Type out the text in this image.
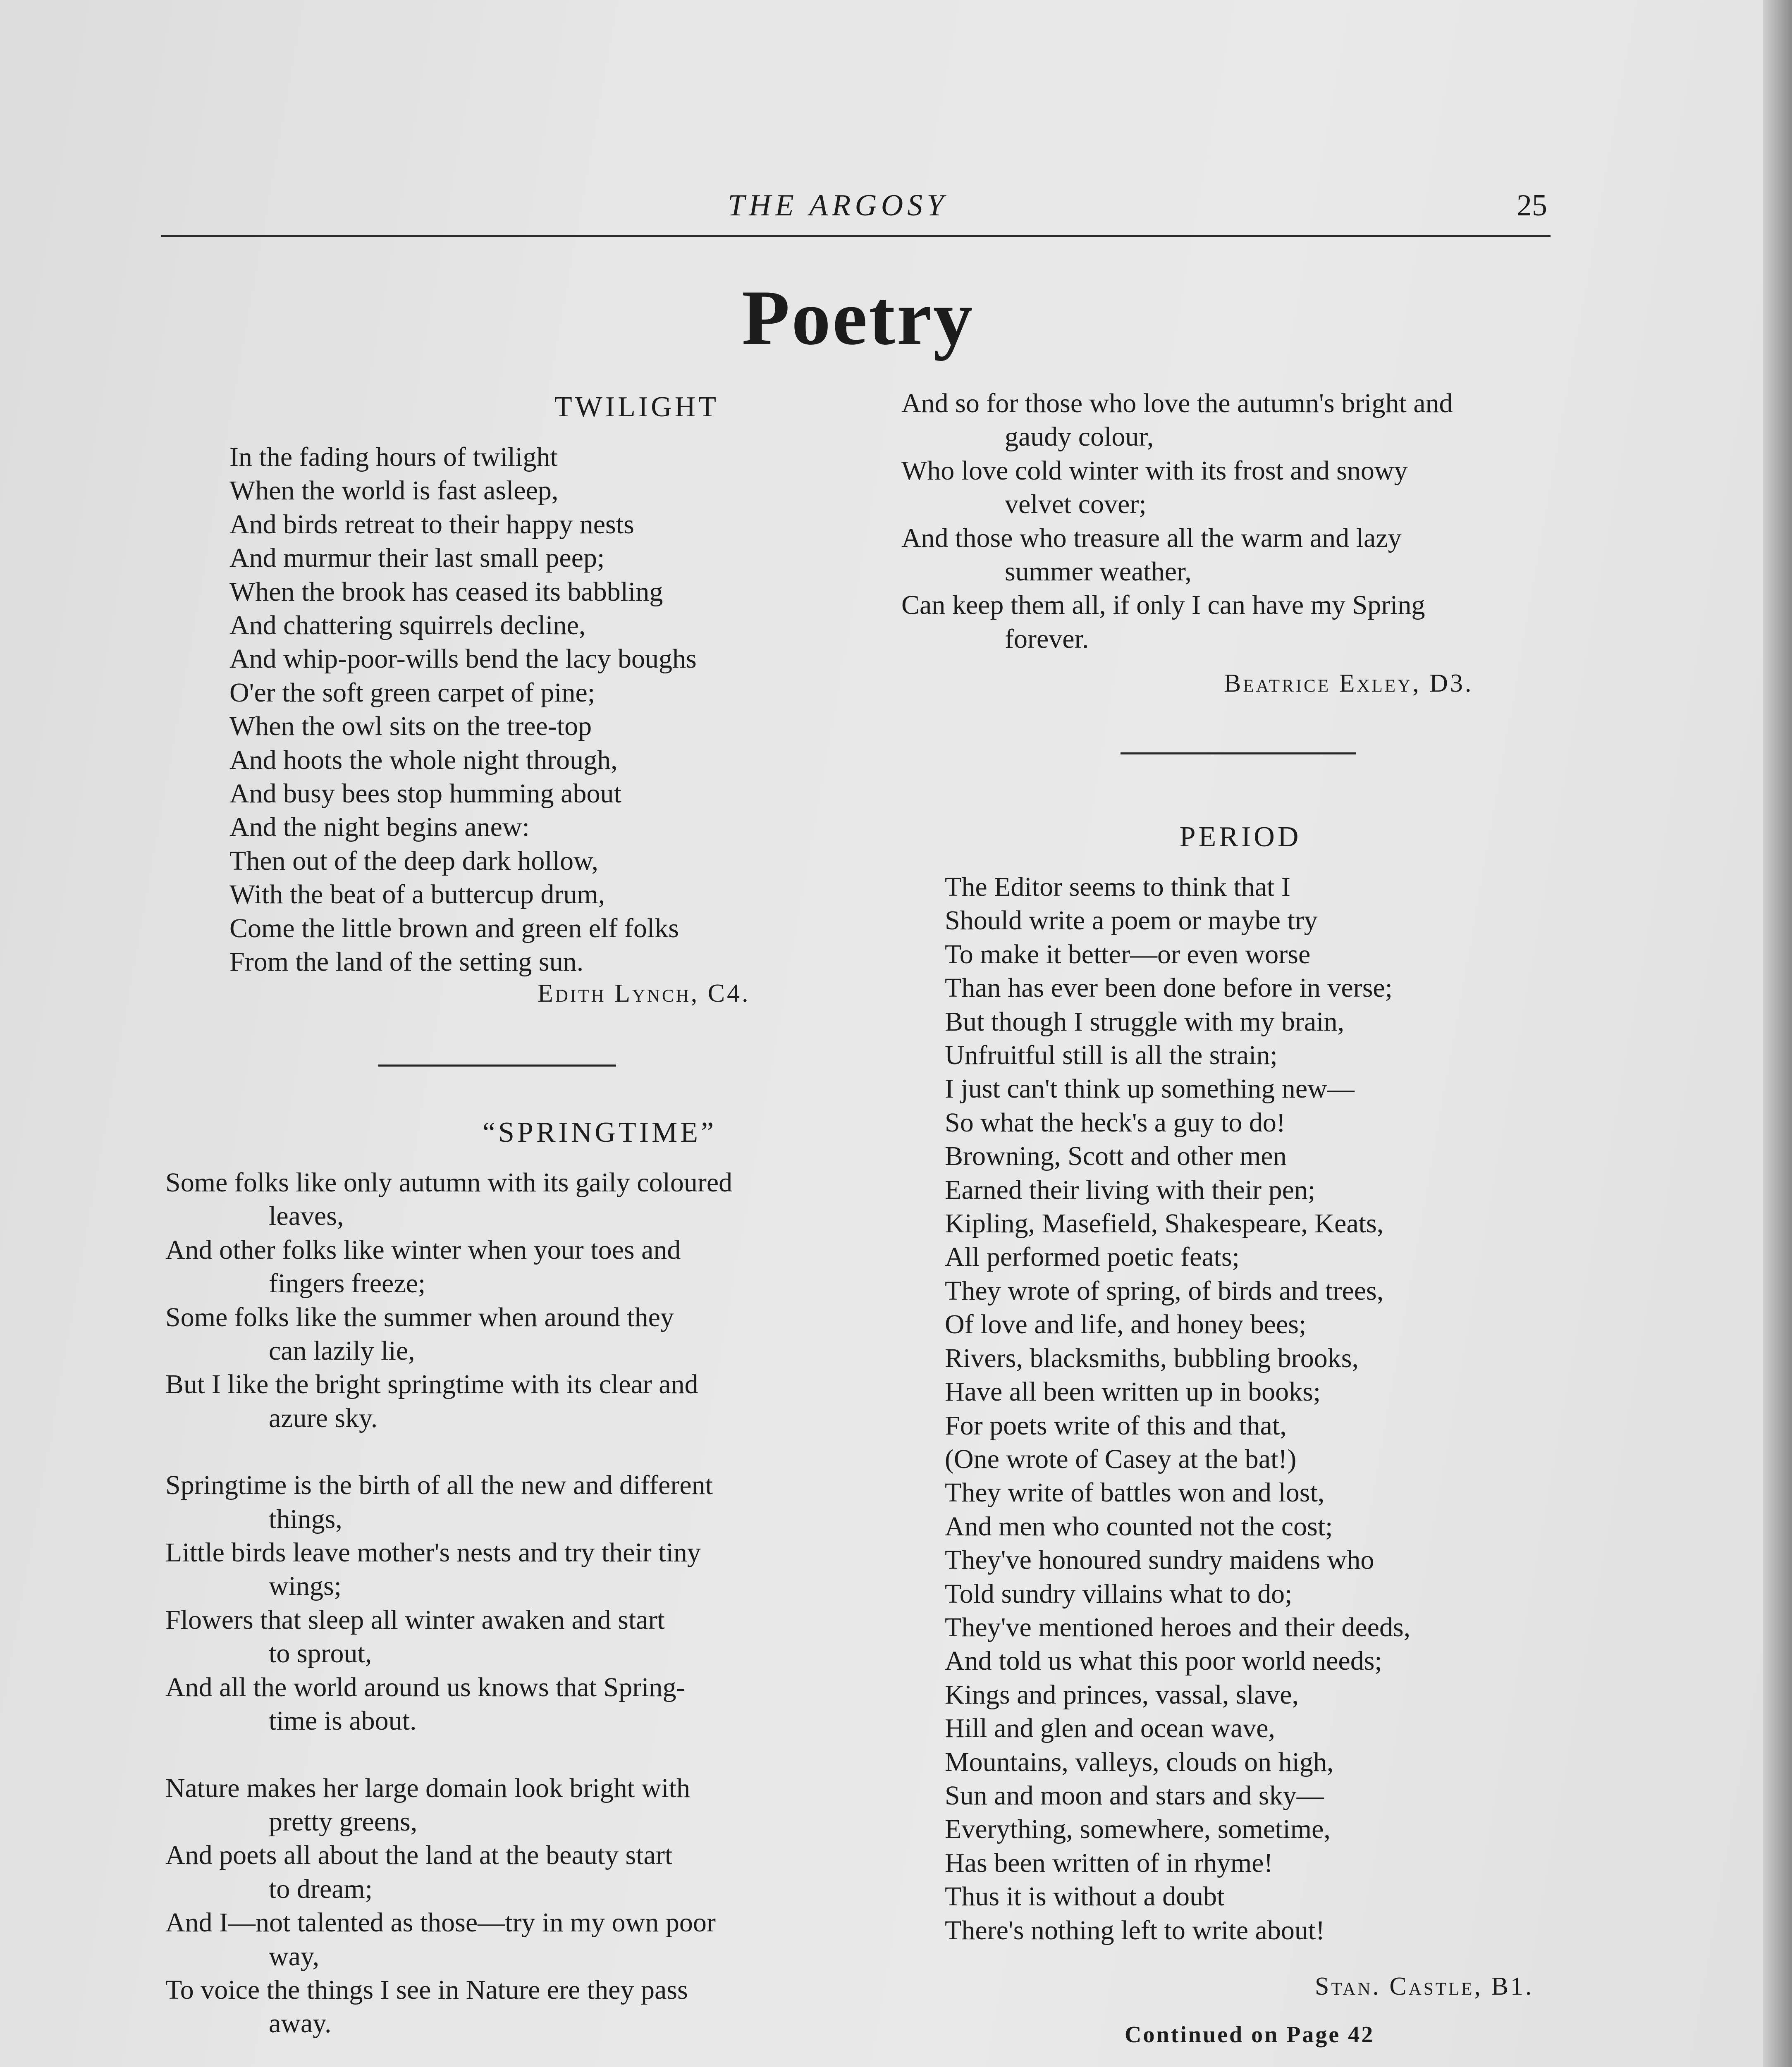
THE ARGOSY	25
Poetry
TWILIGHT
In the fading hours of twilight
When the world is fast asleep,
And birds retreat to their happy nests
And murmur their last small peep;
When the brook has ceased its babbling
And chattering squirrels decline,
And whip-poor-wills bend the lacy boughs
O'er the soft green carpet of pine;
When the owl sits on the tree-top
And hoots the whole night through,
And busy bees stop humming about
And the night begins anew:
Then out of the deep dark hollow,
With the beat of a buttercup drum,
Come the little brown and green elf folks
From the land of the setting sun.
Edith Lynch, C4.
“SPRINGTIME”
Some folks like only autumn with its gaily coloured
leaves,
And other folks like winter when your toes and
fingers freeze;
Some folks like the summer when around they
can lazily lie,
But I like the bright springtime with its clear and
azure sky.
Springtime is the birth of all the new and different
things,
Little birds leave mother's nests and try their tiny
wings;
Flowers that sleep all winter awaken and start
to sprout,
And all the world around us knows that Spring-
time is about.
Nature makes her large domain look bright with
pretty greens,
And poets all about the land at the beauty start
to dream;
And I—not talented as those—try in my own poor
way,
To voice the things I see in Nature ere they pass
away.
And so for those who love the autumn's bright and
gaudy colour,
Who love cold winter with its frost and snowy
velvet cover;
And those who treasure all the warm and lazy
summer weather,
Can keep them all, if only I can have my Spring
forever.
Beatrice Exley, D3.
PERIOD
The Editor seems to think that I
Should write a poem or maybe try
To make it better—or even worse
Than has ever been done before in verse;
But though I struggle with my brain,
Unfruitful still is all the strain;
I just can't think up something new—
So what the heck's a guy to do!
Browning, Scott and other men
Earned their living with their pen;
Kipling, Masefield, Shakespeare, Keats,
All performed poetic feats;
They wrote of spring, of birds and trees,
Of love and life, and honey bees;
Rivers, blacksmiths, bubbling brooks,
Have all been written up in books;
For poets write of this and that,
(One wrote of Casey at the bat!)
They write of battles won and lost,
And men who counted not the cost;
They've honoured sundry maidens who
Told sundry villains what to do;
They've mentioned heroes and their deeds,
And told us what this poor world needs;
Kings and princes, vassal, slave,
Hill and glen and ocean wave,
Mountains, valleys, clouds on high,
Sun and moon and stars and sky—
Everything, somewhere, sometime,
Has been written of in rhyme!
Thus it is without a doubt
There's nothing left to write about!
Stan. Castle, B1.
Continued on Page 42
